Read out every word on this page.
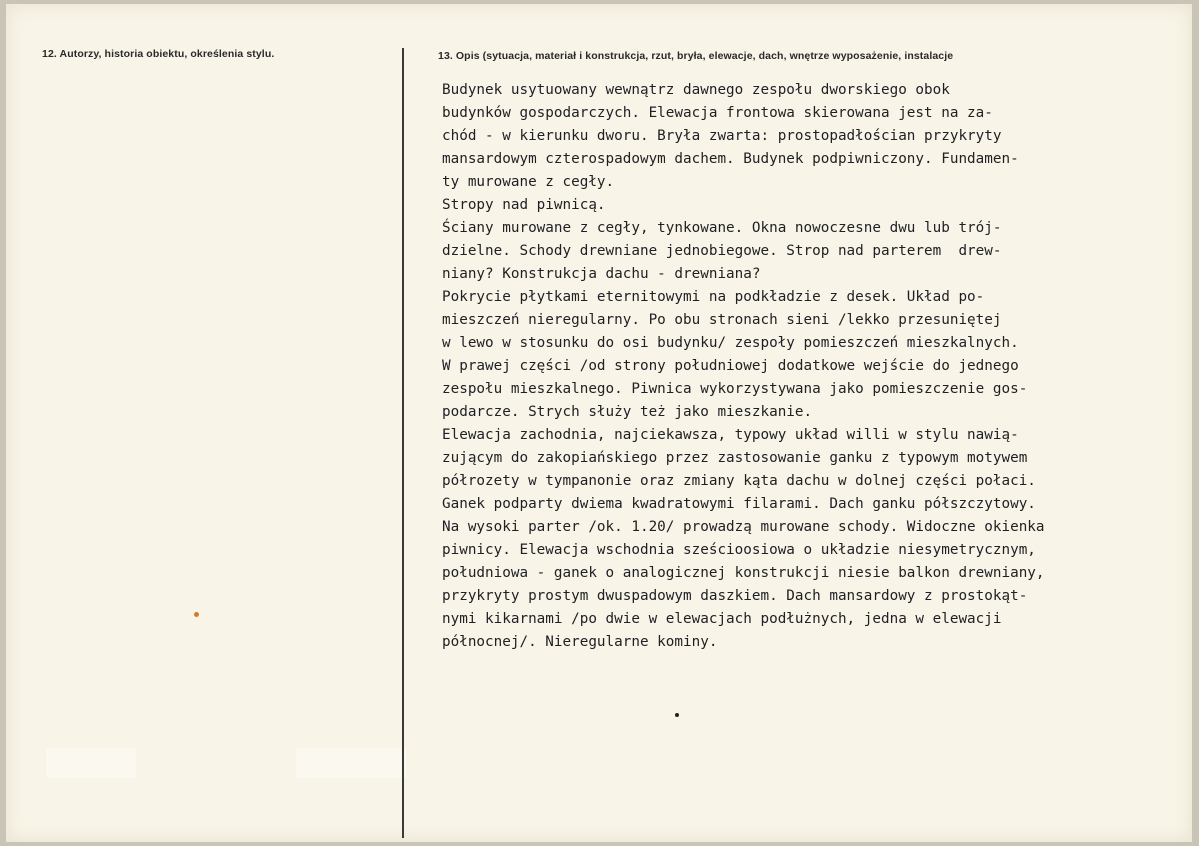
12. Autorzy, historia obiektu, określenia stylu.	13. Opis (sytuacja, materiał i konstrukcja, rzut, bryła, elewacje, dach, wnętrze wyposażenie, instalacje
Budynek usytuowany wewnątrz dawnego zespołu dworskiego obok
budynków gospodarczych. Elewacja frontowa skierowana jest na za-
chód - w kierunku dworu. Bryła zwarta: prostopadłościan przykryty
mansardowym czterospadowym dachem. Budynek podpiwniczony. Fundamen-
ty murowane z cegły.
Stropy nad piwnicą.
Ściany murowane z cegły, tynkowane. Okna nowoczesne dwu lub trój-
dzielne. Schody drewniane jednobiegowe. Strop nad parterem  drew-
niany? Konstrukcja dachu - drewniana?
Pokrycie płytkami eternitowymi na podkładzie z desek. Układ po-
mieszczeń nieregularny. Po obu stronach sieni /lekko przesuniętej
w lewo w stosunku do osi budynku/ zespoły pomieszczeń mieszkalnych.
W prawej części /od strony południowej dodatkowe wejście do jednego
zespołu mieszkalnego. Piwnica wykorzystywana jako pomieszczenie gos-
podarcze. Strych służy też jako mieszkanie.
Elewacja zachodnia, najciekawsza, typowy układ willi w stylu nawią-
zującym do zakopiańskiego przez zastosowanie ganku z typowym motywem
półrozety w tympanonie oraz zmiany kąta dachu w dolnej części połaci.
Ganek podparty dwiema kwadratowymi filarami. Dach ganku półszczytowy.
Na wysoki parter /ok. 1.20/ prowadzą murowane schody. Widoczne okienka
piwnicy. Elewacja wschodnia sześcioosiowa o układzie niesymetrycznym,
południowa - ganek o analogicznej konstrukcji niesie balkon drewniany,
przykryty prostym dwuspadowym daszkiem. Dach mansardowy z prostokąt-
nymi kikarnami /po dwie w elewacjach podłużnych, jedna w elewacji
północnej/. Nieregularne kominy.
